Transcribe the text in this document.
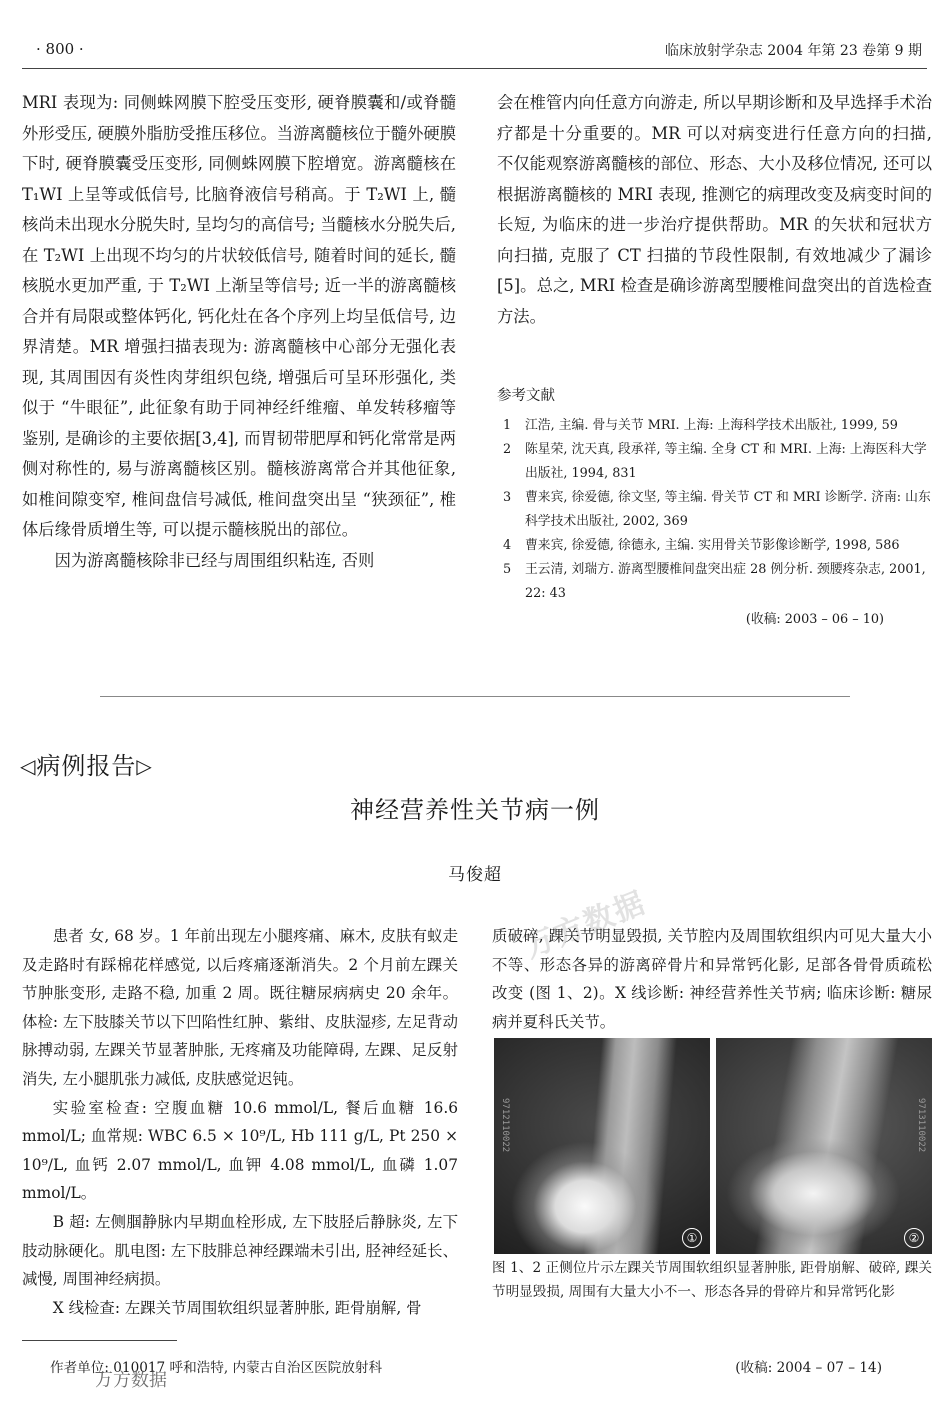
· 800 ·	临床放射学杂志 2004 年第 23 卷第 9 期

MRI 表现为: 同侧蛛网膜下腔受压变形, 硬脊膜囊和/或脊髓外形受压, 硬膜外脂肪受推压移位。当游离髓核位于髓外硬膜下时, 硬脊膜囊受压变形, 同侧蛛网膜下腔增宽。游离髓核在 T₁WI 上呈等或低信号, 比脑脊液信号稍高。于 T₂WI 上, 髓核尚未出现水分脱失时, 呈均匀的高信号; 当髓核水分脱失后, 在 T₂WI 上出现不均匀的片状较低信号, 随着时间的延长, 髓核脱水更加严重, 于 T₂WI 上渐呈等信号; 近一半的游离髓核合并有局限或整体钙化, 钙化灶在各个序列上均呈低信号, 边界清楚。MR 增强扫描表现为: 游离髓核中心部分无强化表现, 其周围因有炎性肉芽组织包绕, 增强后可呈环形强化, 类似于 “牛眼征”, 此征象有助于同神经纤维瘤、单发转移瘤等鉴别, 是确诊的主要依据[3,4], 而胃韧带肥厚和钙化常常是两侧对称性的, 易与游离髓核区别。髓核游离常合并其他征象, 如椎间隙变窄, 椎间盘信号减低, 椎间盘突出呈 “狭颈征”, 椎体后缘骨质增生等, 可以提示髓核脱出的部位。

因为游离髓核除非已经与周围组织粘连, 否则

会在椎管内向任意方向游走, 所以早期诊断和及早选择手术治疗都是十分重要的。MR 可以对病变进行任意方向的扫描, 不仅能观察游离髓核的部位、形态、大小及移位情况, 还可以根据游离髓核的 MRI 表现, 推测它的病理改变及病变时间的长短, 为临床的进一步治疗提供帮助。MR 的矢状和冠状方向扫描, 克服了 CT 扫描的节段性限制, 有效地减少了漏诊[5]。总之, MRI 检查是确诊游离型腰椎间盘突出的首选检查方法。

参考文献
1	江浩, 主编. 骨与关节 MRI. 上海: 上海科学技术出版社, 1999, 59
2	陈星荣, 沈天真, 段承祥, 等主编. 全身 CT 和 MRI. 上海: 上海医科大学出版社, 1994, 831
3	曹来宾, 徐爱德, 徐文坚, 等主编. 骨关节 CT 和 MRI 诊断学. 济南: 山东科学技术出版社, 2002, 369
4	曹来宾, 徐爱德, 徐德永, 主编. 实用骨关节影像诊断学, 1998, 586
5	王云清, 刘瑞方. 游离型腰椎间盘突出症 28 例分析. 颈腰疼杂志, 2001, 22: 43
(收稿: 2003 – 06 – 10)
万方数据
◁病例报告▷
神经营养性关节病一例
马俊超

患者 女, 68 岁。1 年前出现左小腿疼痛、麻木, 皮肤有蚁走及走路时有踩棉花样感觉, 以后疼痛逐渐消失。2 个月前左踝关节肿胀变形, 走路不稳, 加重 2 周。既往糖尿病病史 20 余年。体检: 左下肢膝关节以下凹陷性红肿、紫绀、皮肤湿疹, 左足背动脉搏动弱, 左踝关节显著肿胀, 无疼痛及功能障碍, 左踝、足反射消失, 左小腿肌张力减低, 皮肤感觉迟钝。

实验室检查: 空腹血糖 10.6 mmol/L, 餐后血糖 16.6 mmol/L; 血常规: WBC 6.5 × 10⁹/L, Hb 111 g/L, Pt 250 × 10⁹/L, 血钙 2.07 mmol/L, 血钾 4.08 mmol/L, 血磷 1.07 mmol/L。

B 超: 左侧腘静脉内早期血栓形成, 左下肢胫后静脉炎, 左下肢动脉硬化。肌电图: 左下肢腓总神经踝端未引出, 胫神经延长、减慢, 周围神经病损。

X 线检查: 左踝关节周围软组织显著肿胀, 距骨崩解, 骨

质破碎, 踝关节明显毁损, 关节腔内及周围软组织内可见大量大小不等、形态各异的游离碎骨片和异常钙化影, 足部各骨骨质疏松改变 (图 1、2)。X 线诊断: 神经营养性关节病; 临床诊断: 糖尿病并夏科氏关节。

9712110022
①
9713110022
②
图 1、2 正侧位片示左踝关节周围软组织显著肿胀, 距骨崩解、破碎, 踝关节明显毁损, 周围有大量大小不一、形态各异的骨碎片和异常钙化影
作者单位: 010017 呼和浩特, 内蒙古自治区医院放射科	(收稿: 2004 – 07 – 14)
万方数据
